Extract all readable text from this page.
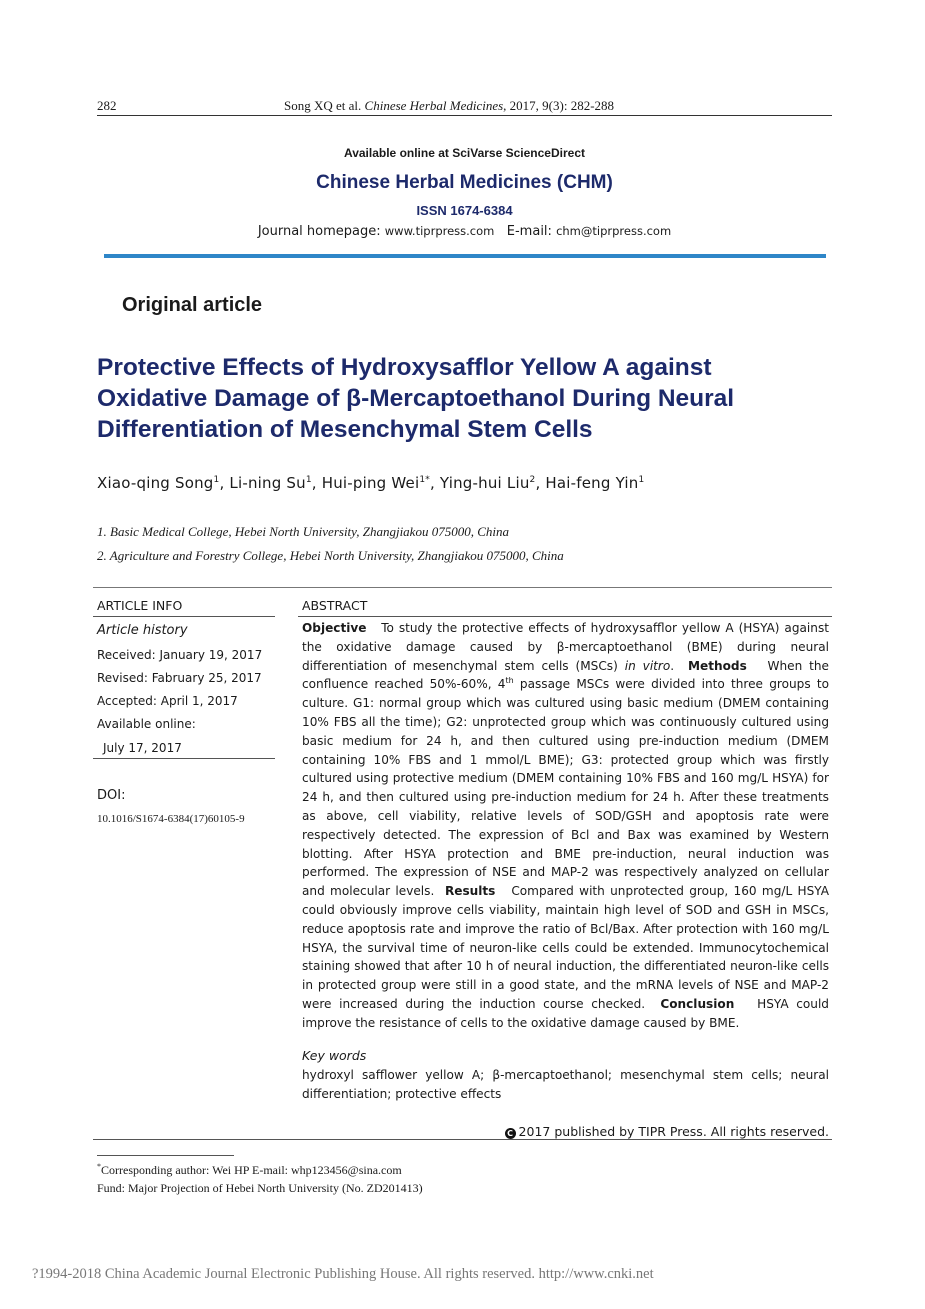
282	Song XQ et al. Chinese Herbal Medicines, 2017, 9(3): 282-288
Available online at SciVarse ScienceDirect
Chinese Herbal Medicines (CHM)
ISSN 1674-6384
Journal homepage: www.tiprpress.com E-mail: chm@tiprpress.com
Original article
Protective Effects of Hydroxysafflor Yellow A against
Oxidative Damage of β-Mercaptoethanol During Neural
Differentiation of Mesenchymal Stem Cells
Xiao-qing Song$^1$, Li-ning Su$^1$, Hui-ping Wei$^{1*}$, Ying-hui Liu$^2$, Hai-feng Yin$^1$
1. Basic Medical College, Hebei North University, Zhangjiakou 075000, China
2. Agriculture and Forestry College, Hebei North University, Zhangjiakou 075000, China
ARTICLE INFO
Article history
Received: January 19, 2017
Revised: Fabruary 25, 2017
Accepted: April 1, 2017
Available online:
July 17, 2017
DOI:
10.1016/S1674-6384(17)60105-9
ABSTRACT
Objective To study the protective effects of hydroxysafflor yellow A (HSYA) against the oxidative damage caused by β-mercaptoethanol (BME) during neural differentiation of mesenchymal stem cells (MSCs) in vitro. Methods When the confluence reached 50%-60%, 4th passage MSCs were divided into three groups to culture. G1: normal group which was cultured using basic medium (DMEM containing 10% FBS all the time); G2: unprotected group which was continuously cultured using basic medium for 24 h, and then cultured using pre-induction medium (DMEM containing 10% FBS and 1 mmol/L BME); G3: protected group which was firstly cultured using protective medium (DMEM containing 10% FBS and 160 mg/L HSYA) for 24 h, and then cultured using pre-induction medium for 24 h. After these treatments as above, cell viability, relative levels of SOD/GSH and apoptosis rate were respectively detected. The expression of Bcl and Bax was examined by Western blotting. After HSYA protection and BME pre-induction, neural induction was performed. The expression of NSE and MAP-2 was respectively analyzed on cellular and molecular levels. Results Compared with unprotected group, 160 mg/L HSYA could obviously improve cells viability, maintain high level of SOD and GSH in MSCs, reduce apoptosis rate and improve the ratio of Bcl/Bax. After protection with 160 mg/L HSYA, the survival time of neuron-like cells could be extended. Immunocytochemical staining showed that after 10 h of neural induction, the differentiated neuron-like cells in protected group were still in a good state, and the mRNA levels of NSE and MAP-2 were increased during the induction course checked. Conclusion HSYA could improve the resistance of cells to the oxidative damage caused by BME.
Key words
hydroxyl safflower yellow A; β-mercaptoethanol; mesenchymal stem cells; neural differentiation; protective effects
C 2017 published by TIPR Press. All rights reserved.
*Corresponding author: Wei HP E-mail: whp123456@sina.com
Fund: Major Projection of Hebei North University (No. ZD201413)
?1994-2018 China Academic Journal Electronic Publishing House. All rights reserved. http://www.cnki.net
